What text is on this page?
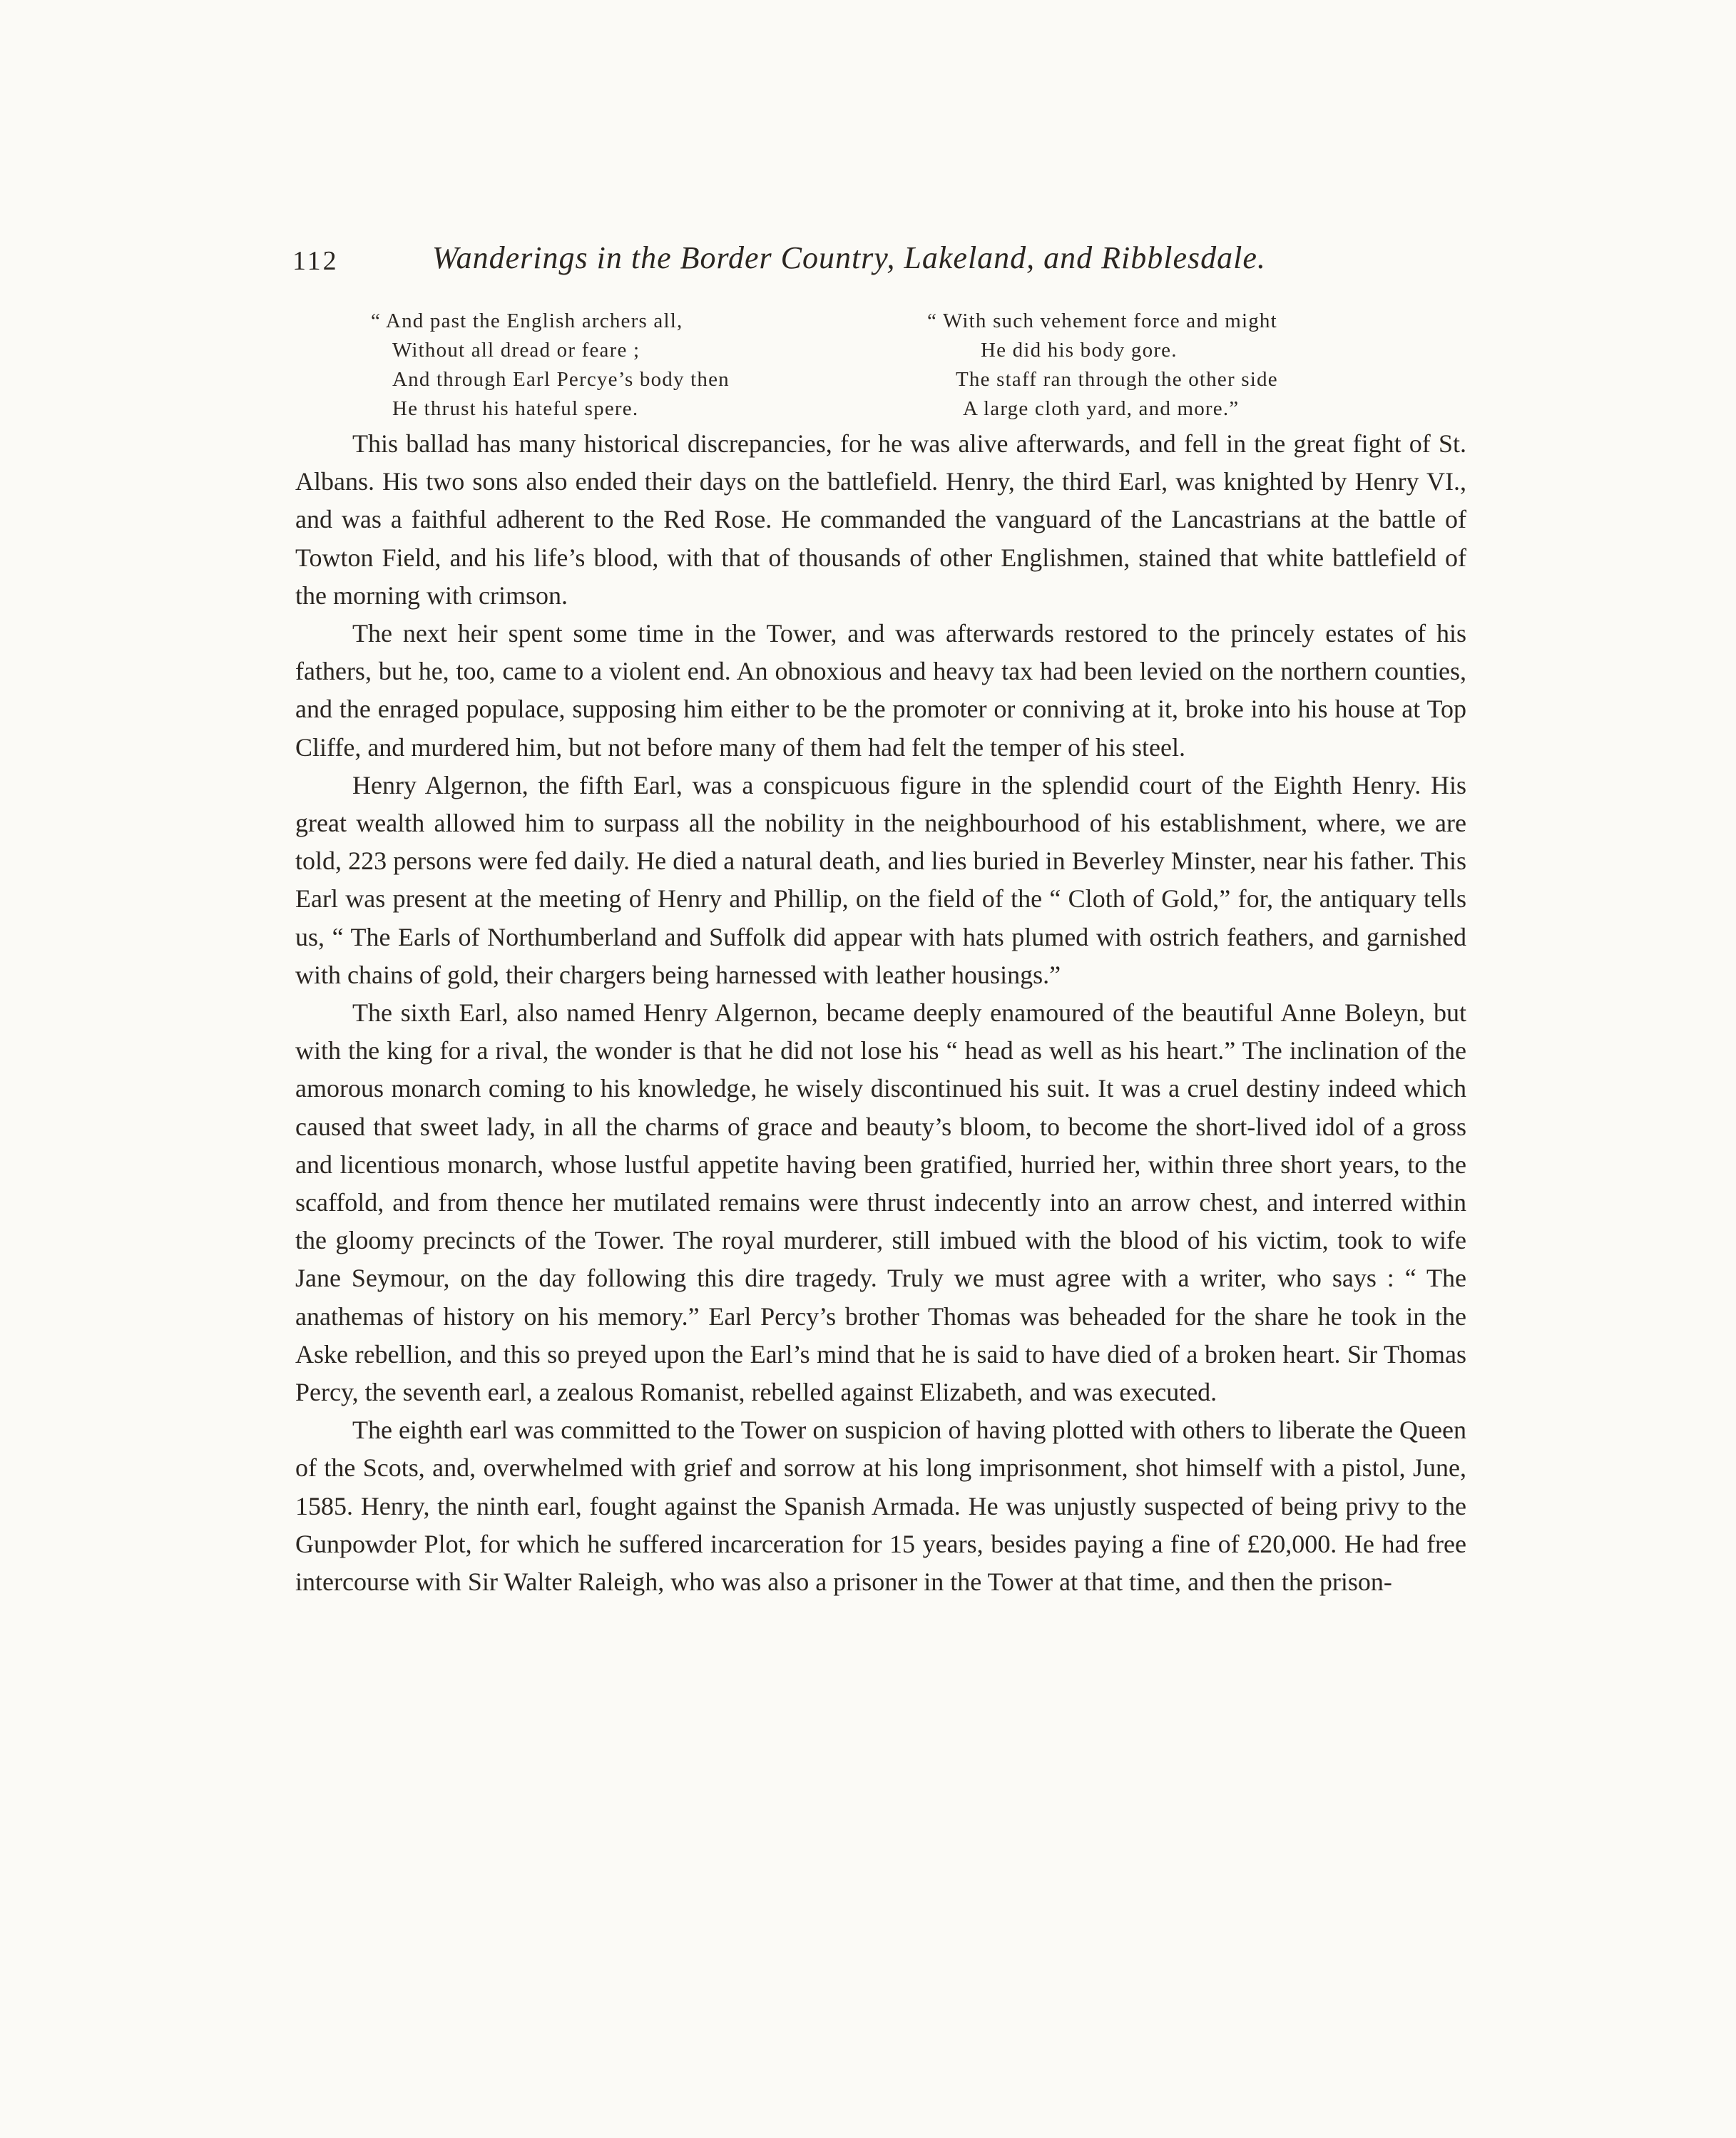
112	Wanderings in the Border Country, Lakeland, and Ribblesdale.
“ And past the English archers all,
Without all dread or feare ;
And through Earl Percye’s body then
He thrust his hateful spere.
“ With such vehement force and might
He did his body gore.
The staff ran through the other side
A large cloth yard, and more.”

This ballad has many historical discrepancies, for he was alive afterwards, and fell in the great fight of St. Albans. His two sons also ended their days on the battlefield. Henry, the third Earl, was knighted by Henry VI., and was a faithful adherent to the Red Rose. He commanded the vanguard of the Lancastrians at the battle of Towton Field, and his life’s blood, with that of thousands of other Englishmen, stained that white battlefield of the morning with crimson.

The next heir spent some time in the Tower, and was afterwards restored to the princely estates of his fathers, but he, too, came to a violent end. An obnoxious and heavy tax had been levied on the northern counties, and the enraged populace, supposing him either to be the promoter or conniving at it, broke into his house at Top Cliffe, and murdered him, but not before many of them had felt the temper of his steel.

Henry Algernon, the fifth Earl, was a conspicuous figure in the splendid court of the Eighth Henry. His great wealth allowed him to surpass all the nobility in the neighbourhood of his establishment, where, we are told, 223 persons were fed daily. He died a natural death, and lies buried in Beverley Minster, near his father. This Earl was present at the meeting of Henry and Phillip, on the field of the “ Cloth of Gold,” for, the antiquary tells us, “ The Earls of Northumberland and Suffolk did appear with hats plumed with ostrich feathers, and garnished with chains of gold, their chargers being harnessed with leather housings.”

The sixth Earl, also named Henry Algernon, became deeply enamoured of the beautiful Anne Boleyn, but with the king for a rival, the wonder is that he did not lose his “ head as well as his heart.” The inclination of the amorous monarch coming to his knowledge, he wisely discontinued his suit. It was a cruel destiny indeed which caused that sweet lady, in all the charms of grace and beauty’s bloom, to become the short-lived idol of a gross and licentious monarch, whose lustful appetite having been gratified, hurried her, within three short years, to the scaffold, and from thence her mutilated remains were thrust indecently into an arrow chest, and interred within the gloomy precincts of the Tower. The royal murderer, still imbued with the blood of his victim, took to wife Jane Seymour, on the day following this dire tragedy. Truly we must agree with a writer, who says : “ The anathemas of history on his memory.” Earl Percy’s brother Thomas was beheaded for the share he took in the Aske rebellion, and this so preyed upon the Earl’s mind that he is said to have died of a broken heart. Sir Thomas Percy, the seventh earl, a zealous Romanist, rebelled against Elizabeth, and was executed.

The eighth earl was committed to the Tower on suspicion of having plotted with others to liberate the Queen of the Scots, and, overwhelmed with grief and sorrow at his long imprisonment, shot himself with a pistol, June, 1585. Henry, the ninth earl, fought against the Spanish Armada. He was unjustly suspected of being privy to the Gunpowder Plot, for which he suffered incarceration for 15 years, besides paying a fine of £20,000. He had free intercourse with Sir Walter Raleigh, who was also a prisoner in the Tower at that time, and then the prison-
